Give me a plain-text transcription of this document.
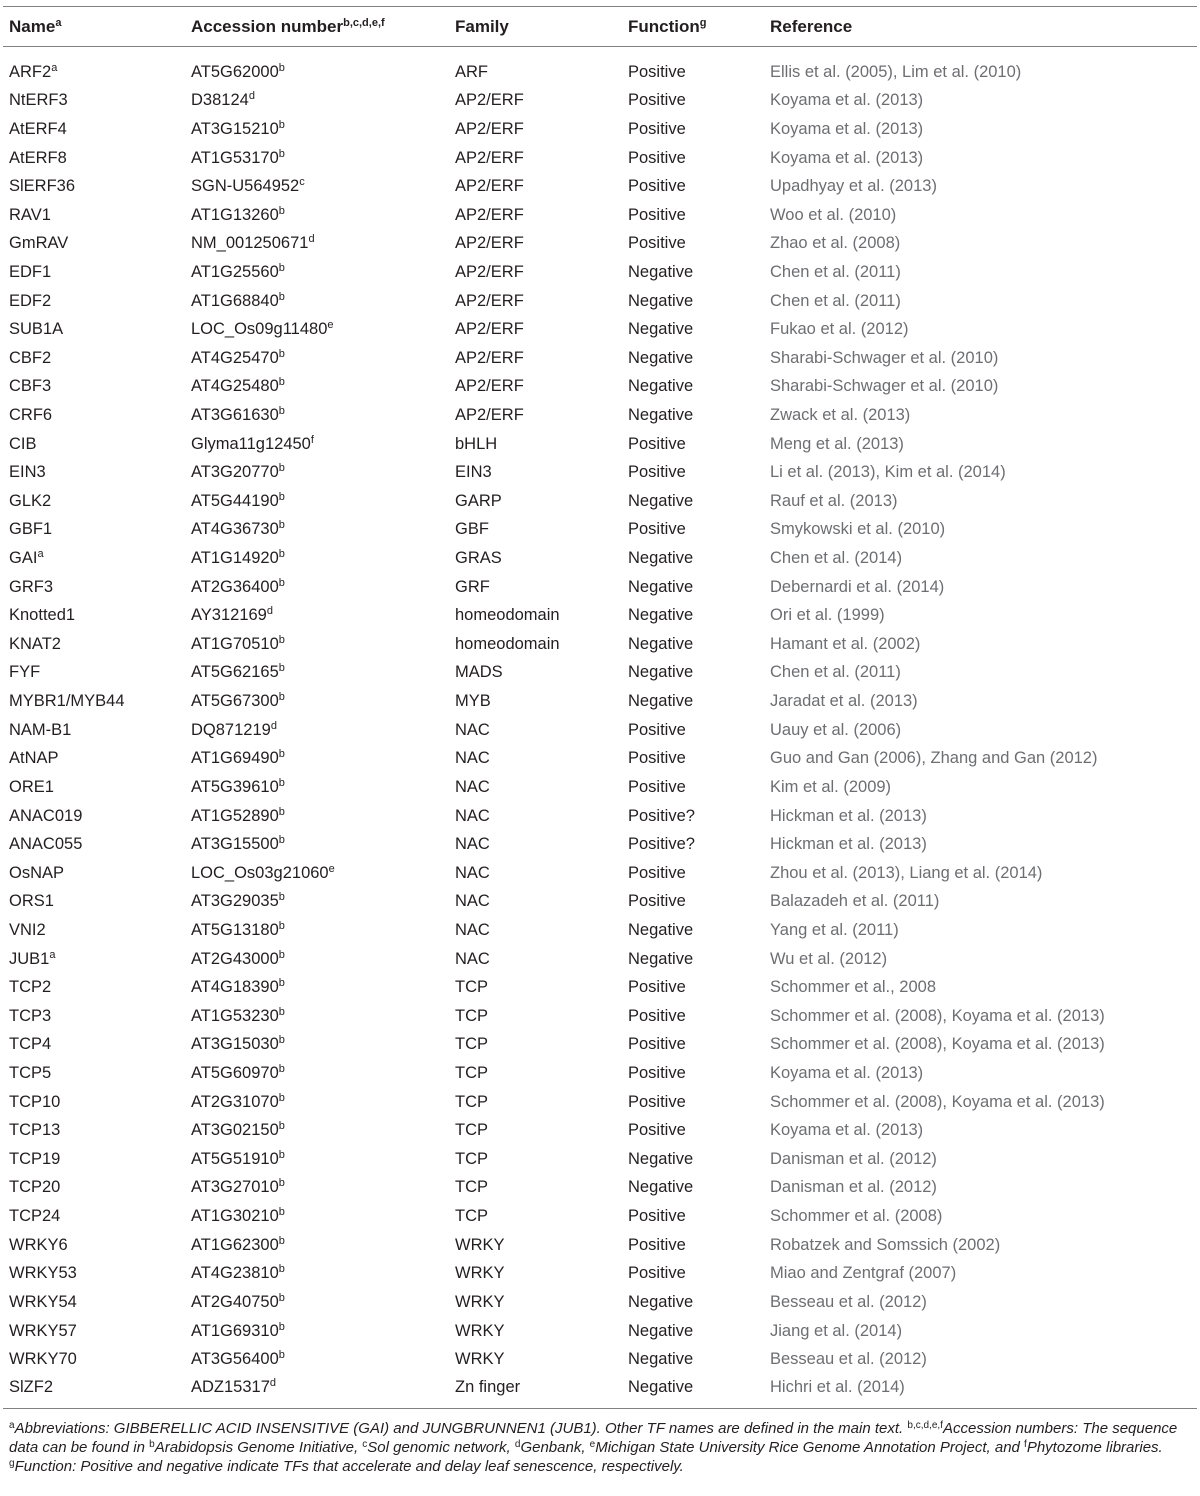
Name$^a$	Accession number$^{b,c,d,e,f}$	Family	Function$^g$	Reference
ARF2$^a$	AT5G62000$^b$	ARF	Positive	Ellis et al. (2005), Lim et al. (2010)
NtERF3	D38124$^d$	AP2/ERF	Positive	Koyama et al. (2013)
AtERF4	AT3G15210$^b$	AP2/ERF	Positive	Koyama et al. (2013)
AtERF8	AT1G53170$^b$	AP2/ERF	Positive	Koyama et al. (2013)
SlERF36	SGN-U564952$^c$	AP2/ERF	Positive	Upadhyay et al. (2013)
RAV1	AT1G13260$^b$	AP2/ERF	Positive	Woo et al. (2010)
GmRAV	NM_001250671$^d$	AP2/ERF	Positive	Zhao et al. (2008)
EDF1	AT1G25560$^b$	AP2/ERF	Negative	Chen et al. (2011)
EDF2	AT1G68840$^b$	AP2/ERF	Negative	Chen et al. (2011)
SUB1A	LOC_Os09g11480e	AP2/ERF	Negative	Fukao et al. (2012)
CBF2	AT4G25470$^b$	AP2/ERF	Negative	Sharabi-Schwager et al. (2010)
CBF3	AT4G25480$^b$	AP2/ERF	Negative	Sharabi-Schwager et al. (2010)
CRF6	AT3G61630$^b$	AP2/ERF	Negative	Zwack et al. (2013)
CIB	Glyma11g12450$^f$	bHLH	Positive	Meng et al. (2013)
EIN3	AT3G20770$^b$	EIN3	Positive	Li et al. (2013), Kim et al. (2014)
GLK2	AT5G44190$^b$	GARP	Negative	Rauf et al. (2013)
GBF1	AT4G36730$^b$	GBF	Positive	Smykowski et al. (2010)
GAI$^a$	AT1G14920$^b$	GRAS	Negative	Chen et al. (2014)
GRF3	AT2G36400$^b$	GRF	Negative	Debernardi et al. (2014)
Knotted1	AY312169$^d$	homeodomain	Negative	Ori et al. (1999)
KNAT2	AT1G70510$^b$	homeodomain	Negative	Hamant et al. (2002)
FYF	AT5G62165$^b$	MADS	Negative	Chen et al. (2011)
MYBR1/MYB44	AT5G67300$^b$	MYB	Negative	Jaradat et al. (2013)
NAM-B1	DQ871219$^d$	NAC	Positive	Uauy et al. (2006)
AtNAP	AT1G69490$^b$	NAC	Positive	Guo and Gan (2006), Zhang and Gan (2012)
ORE1	AT5G39610$^b$	NAC	Positive	Kim et al. (2009)
ANAC019	AT1G52890$^b$	NAC	Positive?	Hickman et al. (2013)
ANAC055	AT3G15500$^b$	NAC	Positive?	Hickman et al. (2013)
OsNAP	LOC_Os03g21060e	NAC	Positive	Zhou et al. (2013), Liang et al. (2014)
ORS1	AT3G29035$^b$	NAC	Positive	Balazadeh et al. (2011)
VNI2	AT5G13180$^b$	NAC	Negative	Yang et al. (2011)
JUB1$^a$	AT2G43000$^b$	NAC	Negative	Wu et al. (2012)
TCP2	AT4G18390$^b$	TCP	Positive	Schommer et al., 2008
TCP3	AT1G53230$^b$	TCP	Positive	Schommer et al. (2008), Koyama et al. (2013)
TCP4	AT3G15030$^b$	TCP	Positive	Schommer et al. (2008), Koyama et al. (2013)
TCP5	AT5G60970$^b$	TCP	Positive	Koyama et al. (2013)
TCP10	AT2G31070$^b$	TCP	Positive	Schommer et al. (2008), Koyama et al. (2013)
TCP13	AT3G02150$^b$	TCP	Positive	Koyama et al. (2013)
TCP19	AT5G51910$^b$	TCP	Negative	Danisman et al. (2012)
TCP20	AT3G27010$^b$	TCP	Negative	Danisman et al. (2012)
TCP24	AT1G30210$^b$	TCP	Positive	Schommer et al. (2008)
WRKY6	AT1G62300$^b$	WRKY	Positive	Robatzek and Somssich (2002)
WRKY53	AT4G23810$^b$	WRKY	Positive	Miao and Zentgraf (2007)
WRKY54	AT2G40750$^b$	WRKY	Negative	Besseau et al. (2012)
WRKY57	AT1G69310$^b$	WRKY	Negative	Jiang et al. (2014)
WRKY70	AT3G56400$^b$	WRKY	Negative	Besseau et al. (2012)
SlZF2	ADZ15317$^d$	Zn finger	Negative	Hichri et al. (2014)
$^a$Abbreviations: GIBBERELLIC ACID INSENSITIVE (GAI) and JUNGBRUNNEN1 (JUB1). Other TF names are defined in the main text. $^{b,c,d,e,f}$Accession numbers: The sequence data can be found in $^b$Arabidopsis Genome Initiative, $^c$Sol genomic network, $^d$Genbank, $^e$Michigan State University Rice Genome Annotation Project, and $^f$Phytozome libraries. $^g$Function: Positive and negative indicate TFs that accelerate and delay leaf senescence, respectively.
